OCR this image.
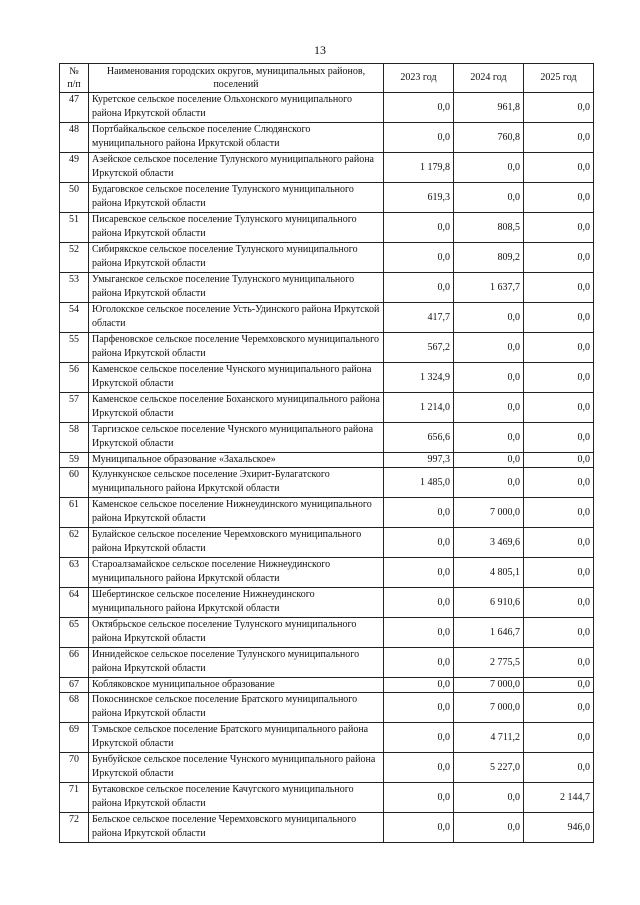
13
№
п/п	Наименования городских округов, муниципальных районов, поселений	2023 год	2024 год	2025 год
47	Куретское сельское поселение Ольхонского муниципального района Иркутской области	0,0	961,8	0,0
48	Портбайкальское сельское поселение Слюдянского муниципального района Иркутской области	0,0	760,8	0,0
49	Азейское сельское поселение Тулунского муниципального района Иркутской области	1 179,8	0,0	0,0
50	Будаговское сельское поселение Тулунского муниципального района Иркутской области	619,3	0,0	0,0
51	Писаревское сельское поселение Тулунского муниципального района Иркутской области	0,0	808,5	0,0
52	Сибирякское сельское поселение Тулунского муниципального района Иркутской области	0,0	809,2	0,0
53	Умыганское сельское поселение Тулунского муниципального района Иркутской области	0,0	1 637,7	0,0
54	Юголокское сельское поселение Усть-Удинского района Иркутской области	417,7	0,0	0,0
55	Парфеновское сельское поселение Черемховского муниципального района Иркутской области	567,2	0,0	0,0
56	Каменское сельское поселение Чунского муниципального района Иркутской области	1 324,9	0,0	0,0
57	Каменское сельское поселение Боханского муниципального района Иркутской области	1 214,0	0,0	0,0
58	Таргизское сельское поселение Чунского муниципального района Иркутской области	656,6	0,0	0,0
59	Муниципальное образование «Захальское»	997,3	0,0	0,0
60	Кулункунское сельское поселение Эхирит-Булагатского муниципального района Иркутской области	1 485,0	0,0	0,0
61	Каменское сельское поселение Нижнеудинского муниципального района Иркутской области	0,0	7 000,0	0,0
62	Булайское сельское поселение Черемховского муниципального района Иркутской области	0,0	3 469,6	0,0
63	Староалзамайское сельское поселение Нижнеудинского муниципального района Иркутской области	0,0	4 805,1	0,0
64	Шебертинское сельское поселение Нижнеудинского муниципального района Иркутской области	0,0	6 910,6	0,0
65	Октябрьское сельское поселение Тулунского муниципального района Иркутской области	0,0	1 646,7	0,0
66	Иннидейское сельское поселение Тулунского муниципального района Иркутской области	0,0	2 775,5	0,0
67	Кобляковское муниципальное образование	0,0	7 000,0	0,0
68	Покоснинское сельское поселение Братского муниципального района Иркутской области	0,0	7 000,0	0,0
69	Тэмьское сельское поселение Братского муниципального района Иркутской области	0,0	4 711,2	0,0
70	Бунбуйское сельское поселение Чунского муниципального района Иркутской области	0,0	5 227,0	0,0
71	Бутаковское сельское поселение Качугского муниципального района Иркутской области	0,0	0,0	2 144,7
72	Бельское сельское поселение Черемховского муниципального района Иркутской области	0,0	0,0	946,0
